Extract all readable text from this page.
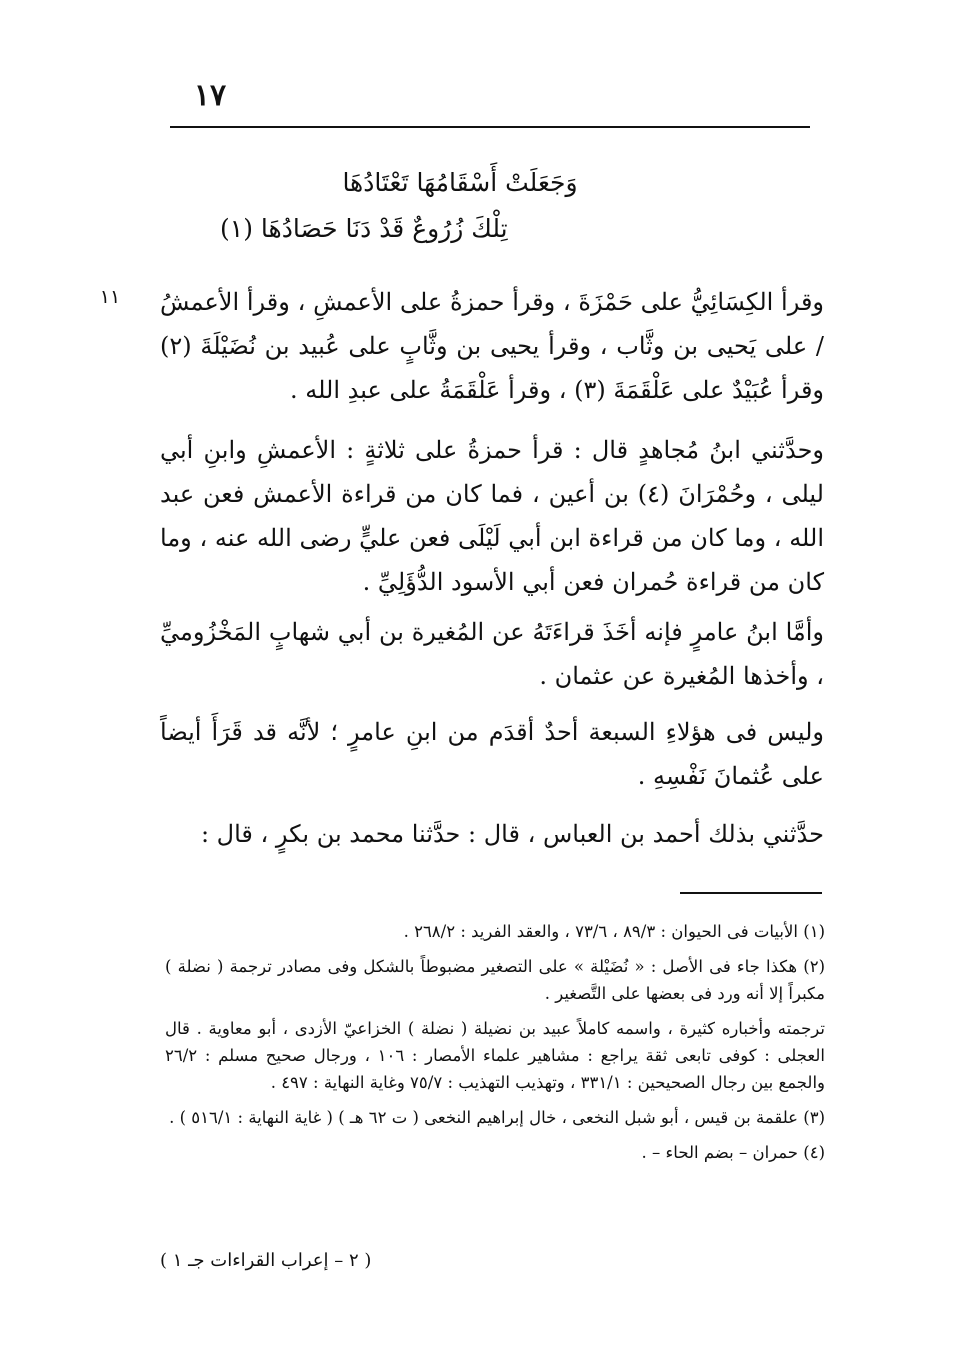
١٧
وَجَعَلَتْ أَسْقَامُهَا تَعْتَادُهَا
تِلْكَ زُرُوعٌ قَدْ دَنَا حَصَادُهَا (١)
١١	وقرأ الكِسَائِيُّ على حَمْزَةَ ، وقرأ حمزةُ على الأعمشِ ، وقرأ الأعمشُ / على يَحيى بن وثَّاب ، وقرأ يحيى بن وثَّابٍ على عُبيد بن نُضَيْلَةَ (٢) وقرأ عُبَيْدٌ على عَلْقَمَةَ (٣) ، وقرأ عَلْقَمَةُ على عبدِ الله .
وحدَّثني ابنُ مُجاهدٍ قال : قرأ حمزةُ على ثلاثةٍ : الأعمشِ وابنِ أبي ليلى ، وحُمْرَانَ (٤) بن أعين ، فما كان من قراءة الأعمش فعن عبد الله ، وما كان من قراءة ابن أبي لَيْلَى فعن عليٍّ رضى الله عنه ، وما كان من قراءة حُمران فعن أبي الأسود الدُّؤَلِيِّ .
وأمَّا ابنُ عامرٍ فإنه أخَذَ قراءَتَهُ عن المُغيرة بن أبي شهابٍ المَخْزُوميِّ ، وأخذها المُغيرة عن عثمان .
وليس فى هؤلاءِ السبعة أحدٌ أقدَم من ابنِ عامرٍ ؛ لأنَّه قد قَرَأَ أيضاً على عُثمانَ نَفْسِهِ .
حدَّثني بذلك أحمد بن العباس ، قال : حدَّثنا محمد بن بكرٍ ، قال :

(١) الأبيات فى الحيوان : ٨٩/٣ ، ٧٣/٦ ، والعقد الفريد : ٢٦٨/٢ .

(٢) هكذا جاء فى الأصل : « نُضَيْلة » على التصغير مضبوطاً بالشكل وفى مصادر ترجمة ( نضلة ) مكبراً إلا أنه ورد فى بعضها على التَّصغير .

ترجمته وأخباره كثيرة ، واسمه كاملاً عبيد بن نضيلة ( نضلة ) الخزاعيّ الأزدى ، أبو معاوية . قال العجلى : كوفى تابعى ثقة يراجع : مشاهير علماء الأمصار : ١٠٦ ، ورجال صحيح مسلم : ٢٦/٢ والجمع بين رجال الصحيحين : ٣٣١/١ ، وتهذيب التهذيب : ٧٥/٧ وغاية النهاية : ٤٩٧ .

(٣) علقمة بن قيس ، أبو شبل النخعى ، خال إبراهيم النخعى ( ت ٦٢ هـ ) ( غاية النهاية : ٥١٦/١ ) .

(٤) حمران – بضم الحاء – .

( ٢ – إعراب القراءات جـ ١ )
